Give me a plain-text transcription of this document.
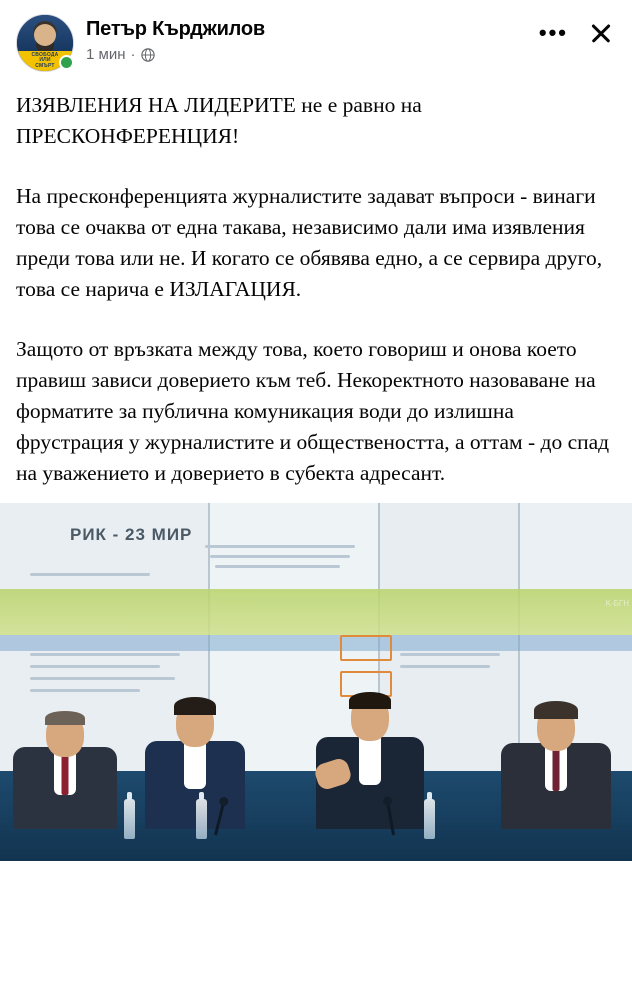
СВОБОДА
ИЛИ
СМЪРТ
Петър Кърджилов
1 мин ·
•••

ИЗЯВЛЕНИЯ НА ЛИДЕРИТЕ не е равно на ПРЕСКОНФЕРЕНЦИЯ!

На пресконференцията журналистите задават въпроси - винаги това се очаква от една такава, независимо дали има изявления преди това или не. И когато се обявява едно, а се сервира друго, това се нарича е ИЗЛАГАЦИЯ.

Защото от връзката между това, което говориш и онова което правиш зависи доверието към теб. Некоректното назоваване на форматите за публична комуникация води до излишна фрустрация у журналистите и обществеността, а оттам - до спад на уважението и доверието в субекта адресант.

РИК - 23 МИР
K-БГН
